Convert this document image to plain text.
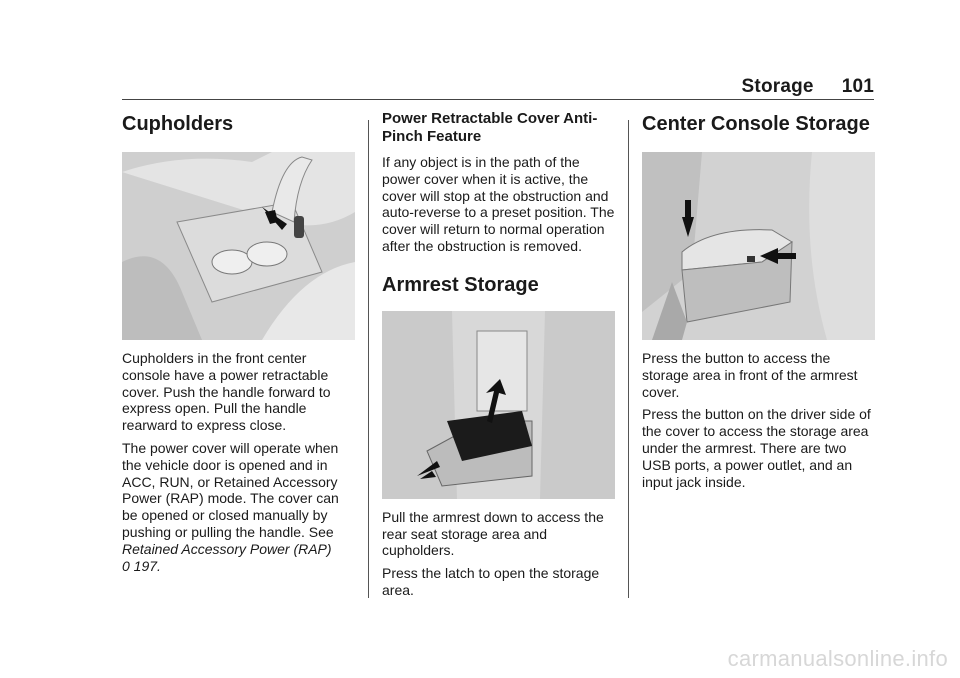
Storage 101
Cupholders

Cupholders in the front center console have a power retractable cover. Push the handle forward to express open. Pull the handle rearward to express close.

The power cover will operate when the vehicle door is opened and in ACC, RUN, or Retained Accessory Power (RAP) mode. The cover can be opened or closed manually by pushing or pulling the handle. See Retained Accessory Power (RAP)
0 197.

Power Retractable Cover Anti-Pinch Feature

If any object is in the path of the power cover when it is active, the cover will stop at the obstruction and auto-reverse to a preset position. The cover will return to normal operation after the obstruction is removed.

Armrest Storage

Pull the armrest down to access the rear seat storage area and cupholders.

Press the latch to open the storage area.

Center Console Storage

Press the button to access the storage area in front of the armrest cover.

Press the button on the driver side of the cover to access the storage area under the armrest. There are two USB ports, a power outlet, and an input jack inside.

carmanualsonline.info
